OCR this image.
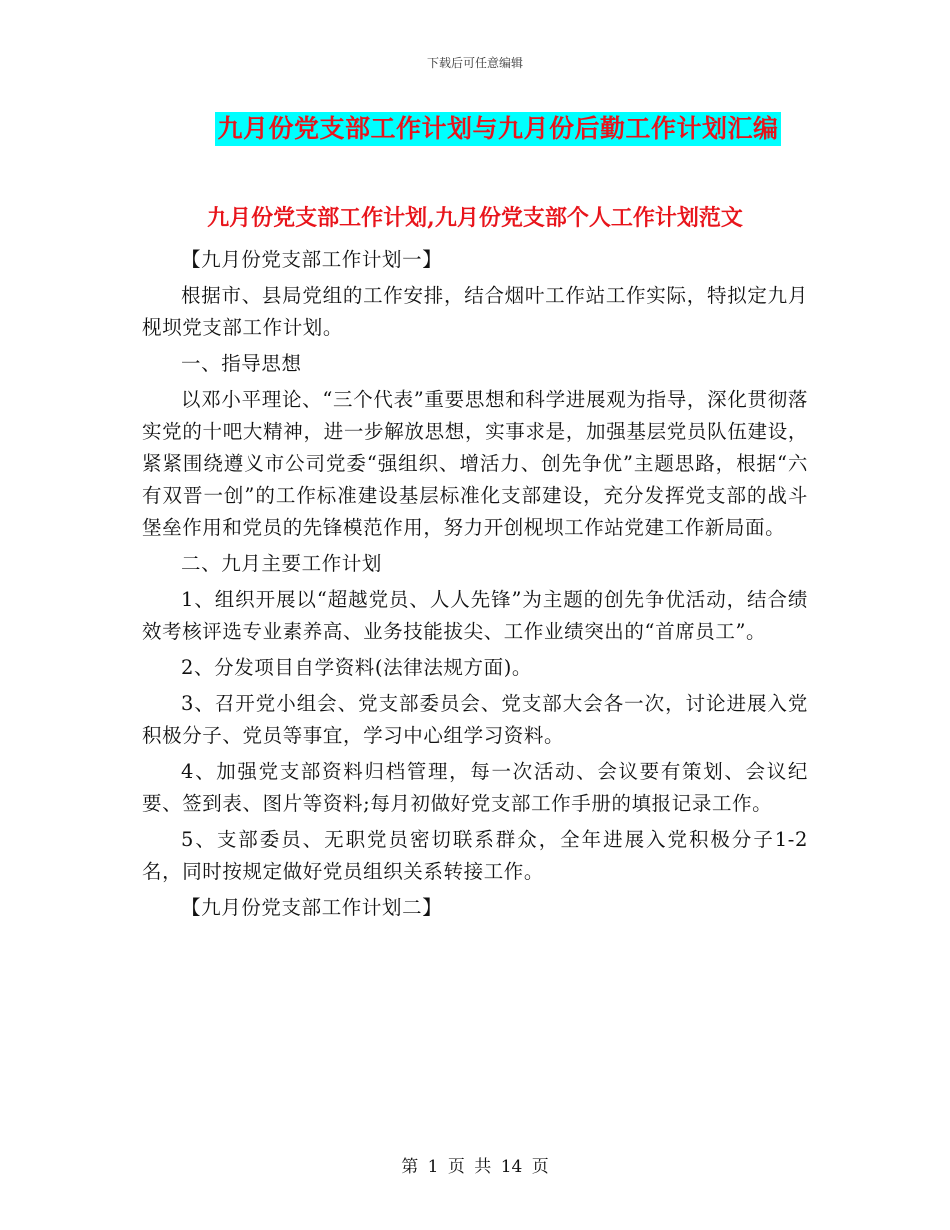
下载后可任意编辑
九月份党支部工作计划与九月份后勤工作计划汇编
九月份党支部工作计划,九月份党支部个人工作计划范文

【九月份党支部工作计划一】

根据市、县局党组的工作安排，结合烟叶工作站工作实际，特拟定九月枧坝党支部工作计划。

一、指导思想

以邓小平理论、“三个代表”重要思想和科学进展观为指导，深化贯彻落实党的十吧大精神，进一步解放思想，实事求是，加强基层党员队伍建设，紧紧围绕遵义市公司党委“强组织、增活力、创先争优”主题思路，根据“六有双晋一创”的工作标准建设基层标准化支部建设，充分发挥党支部的战斗堡垒作用和党员的先锋模范作用，努力开创枧坝工作站党建工作新局面。

二、九月主要工作计划

1、组织开展以“超越党员、人人先锋”为主题的创先争优活动，结合绩效考核评选专业素养高、业务技能拔尖、工作业绩突出的“首席员工”。

2、分发项目自学资料(法律法规方面)。

3、召开党小组会、党支部委员会、党支部大会各一次，讨论进展入党积极分子、党员等事宜，学习中心组学习资料。

4、加强党支部资料归档管理，每一次活动、会议要有策划、会议纪要、签到表、图片等资料;每月初做好党支部工作手册的填报记录工作。

5、支部委员、无职党员密切联系群众，全年进展入党积极分子1-2名，同时按规定做好党员组织关系转接工作。

【九月份党支部工作计划二】

第 1 页 共 14 页
